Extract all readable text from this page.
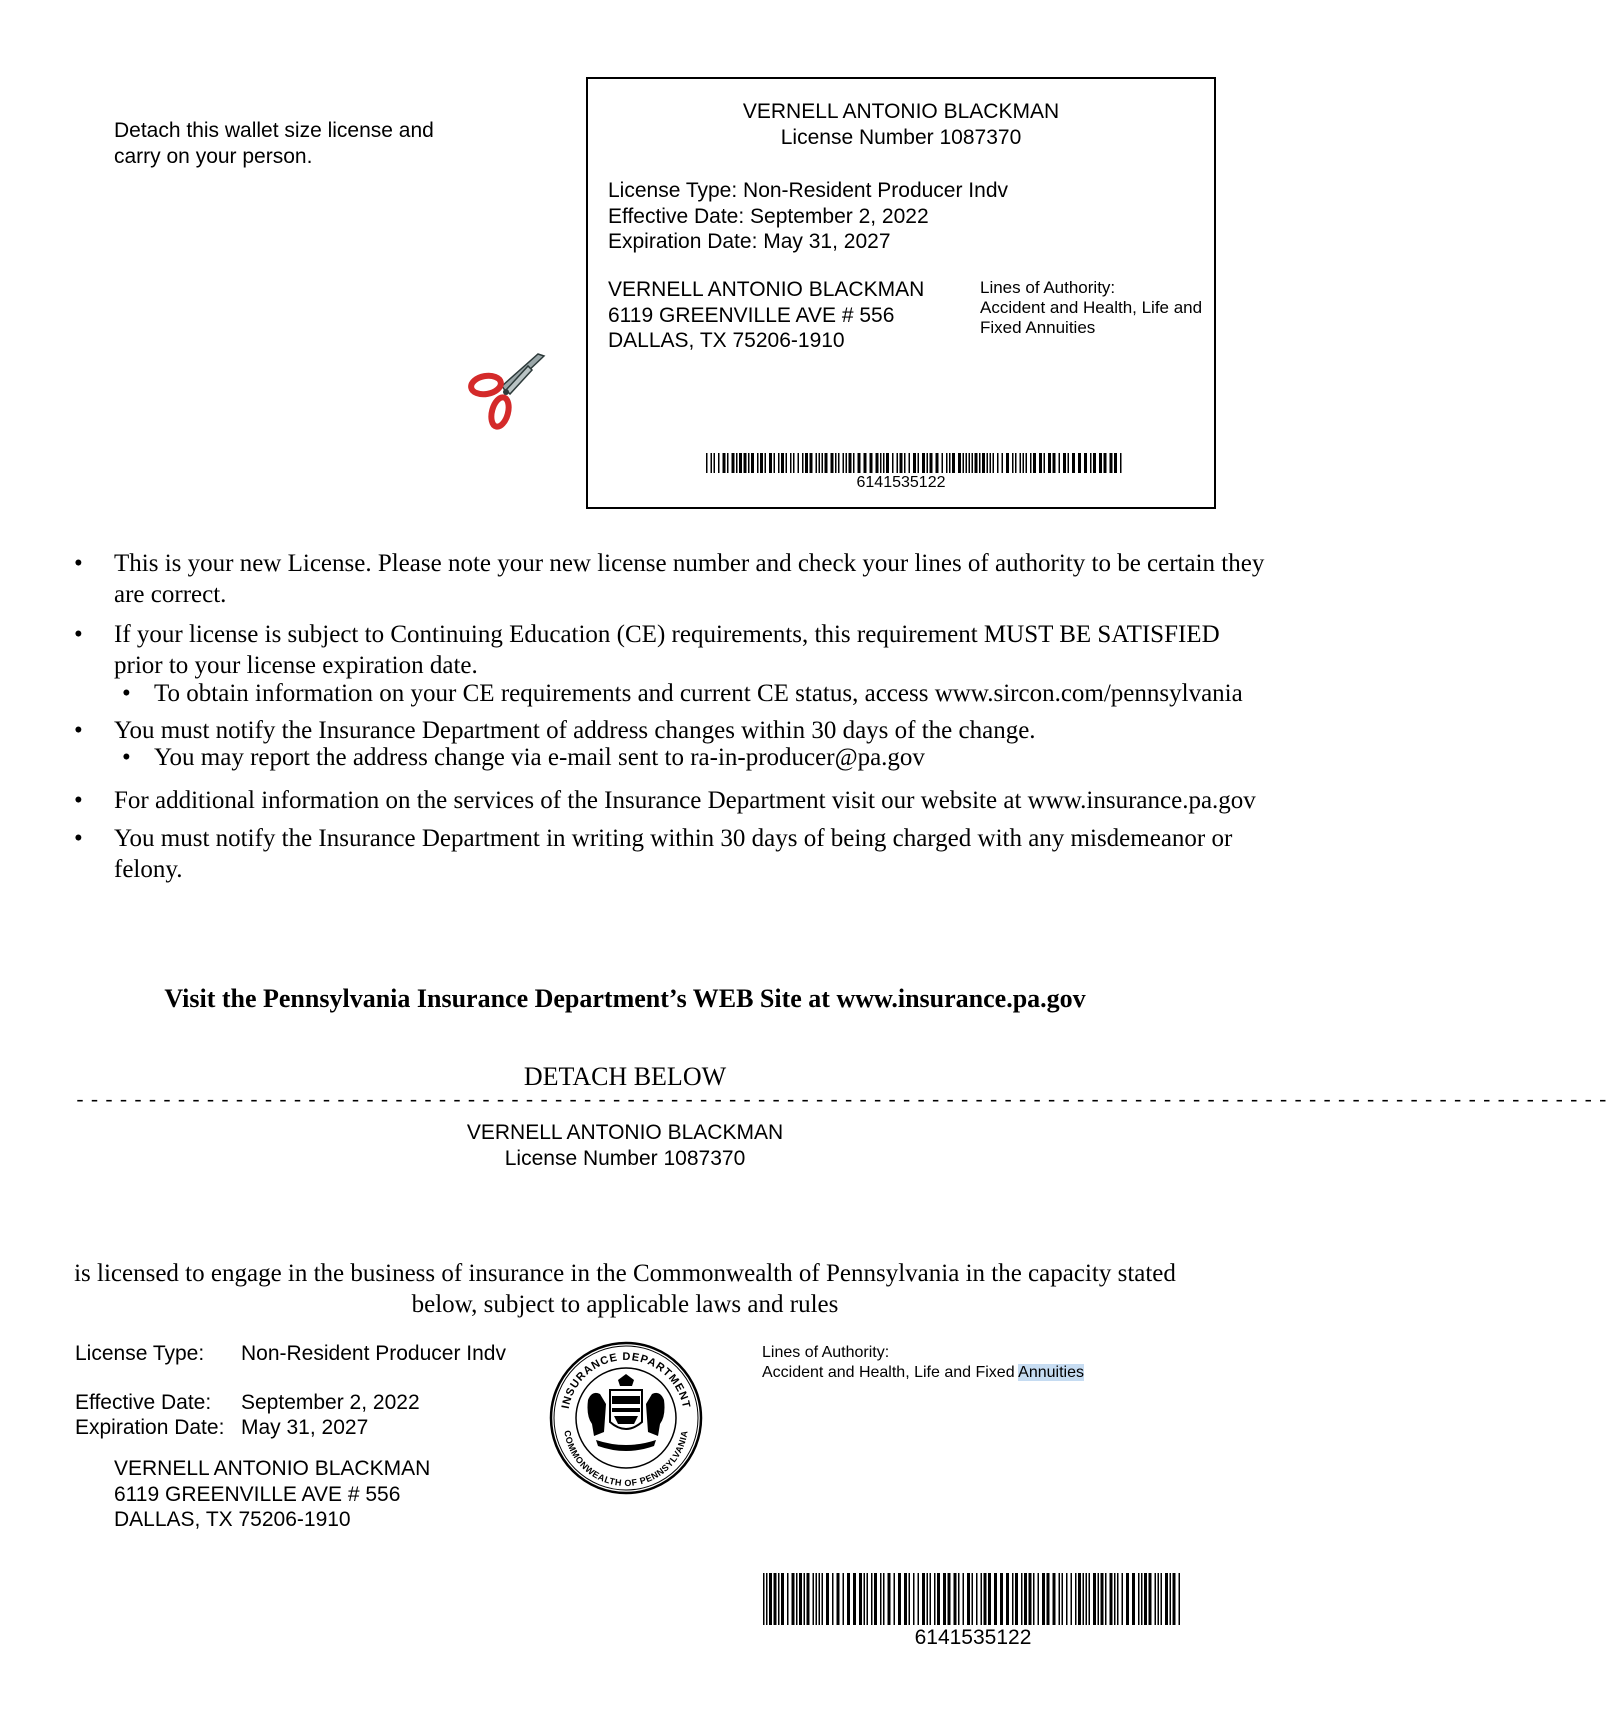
Detach this wallet size license and carry on your person.
VERNELL ANTONIO BLACKMAN
License Number 1087370
License Type: Non-Resident Producer Indv
Effective Date: September 2, 2022
Expiration Date: May 31, 2027
VERNELL ANTONIO BLACKMAN
6119 GREENVILLE AVE # 556
DALLAS, TX 75206-1910
Lines of Authority:
Accident and Health, Life and Fixed Annuities
6141535122
• This is your new License. Please note your new license number and check your lines of authority to be certain they are correct.
• If your license is subject to Continuing Education (CE) requirements, this requirement MUST BE SATISFIED prior to your license expiration date.
• To obtain information on your CE requirements and current CE status, access www.sircon.com/pennsylvania
• You must notify the Insurance Department of address changes within 30 days of the change.
• You may report the address change via e-mail sent to ra-in-producer@pa.gov
• For additional information on the services of the Insurance Department visit our website at www.insurance.pa.gov
• You must notify the Insurance Department in writing within 30 days of being charged with any misdemeanor or felony.
Visit the Pennsylvania Insurance Department’s WEB Site at www.insurance.pa.gov
DETACH BELOW
----------------------------------------------------------------------------------------------------------
VERNELL ANTONIO BLACKMAN
License Number 1087370
is licensed to engage in the business of insurance in the Commonwealth of Pennsylvania in the capacity stated below, subject to applicable laws and rules
License Type: Non-Resident Producer Indv
Effective Date: September 2, 2022
Expiration Date: May 31, 2027
VERNELL ANTONIO BLACKMAN
6119 GREENVILLE AVE # 556
DALLAS, TX 75206-1910
INSURANCE DEPARTMENT
COMMONWEALTH OF PENNSYLVANIA
Lines of Authority:
Accident and Health, Life and Fixed Annuities
6141535122
